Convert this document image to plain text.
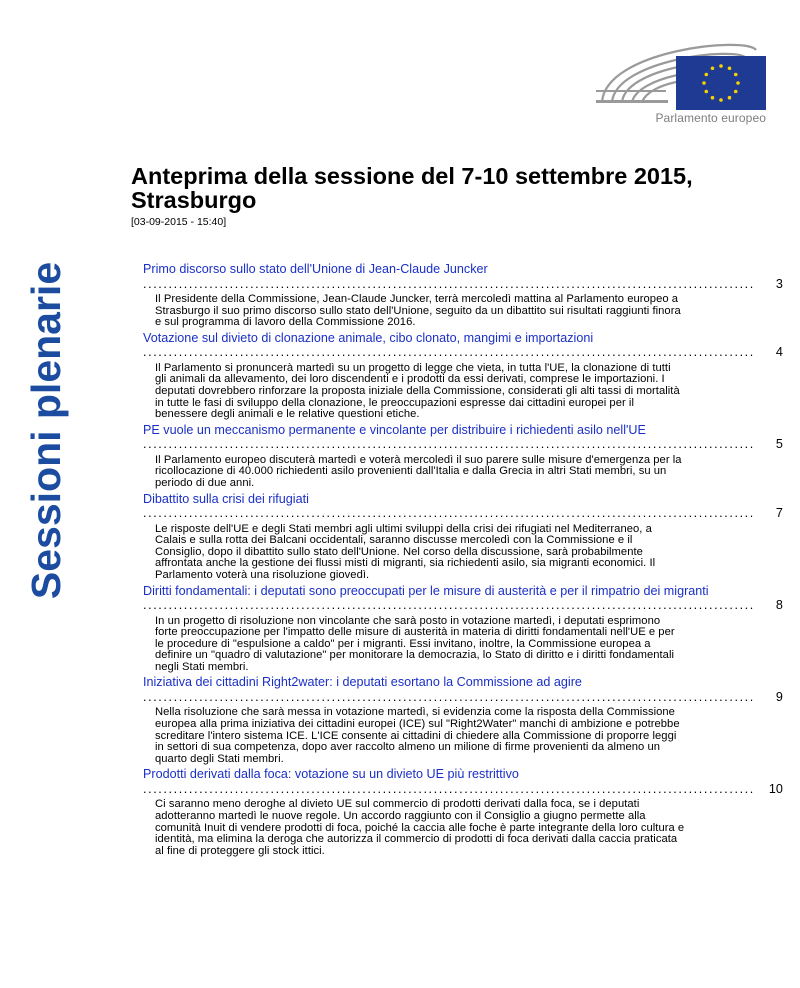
Parlamento europeo
Sessioni plenarie
Anteprima della sessione del 7-10 settembre 2015, Strasburgo
[03-09-2015 - 15:40]
Primo discorso sullo stato dell'Unione di Jean-Claude Juncker ........................................................................................................................	3
Il Presidente della Commissione, Jean-Claude Juncker, terrà mercoledì mattina al Parlamento europeo a Strasburgo il suo primo discorso sullo stato dell'Unione, seguito da un dibattito sui risultati raggiunti finora e sul programma di lavoro della Commissione 2016.
Votazione sul divieto di clonazione animale, cibo clonato, mangimi e importazioni ........................................................................................................................	4
Il Parlamento si pronuncerà martedì su un progetto di legge che vieta, in tutta l'UE, la clonazione di tutti gli animali da allevamento, dei loro discendenti e i prodotti da essi derivati, comprese le importazioni. I deputati dovrebbero rinforzare la proposta iniziale della Commissione, considerati gli alti tassi di mortalità in tutte le fasi di sviluppo della clonazione, le preoccupazioni espresse dai cittadini europei per il benessere degli animali e le relative questioni etiche.
PE vuole un meccanismo permanente e vincolante per distribuire i richiedenti asilo nell'UE ........................................................................................................................	5
Il Parlamento europeo discuterà martedì e voterà mercoledì il suo parere sulle misure d'emergenza per la ricollocazione di 40.000 richiedenti asilo provenienti dall'Italia e dalla Grecia in altri Stati membri, su un periodo di due anni.
Dibattito sulla crisi dei rifugiati ........................................................................................................................	7
Le risposte dell'UE e degli Stati membri agli ultimi sviluppi della crisi dei rifugiati nel Mediterraneo, a Calais e sulla rotta dei Balcani occidentali, saranno discusse mercoledì con la Commissione e il Consiglio, dopo il dibattito sullo stato dell'Unione. Nel corso della discussione, sarà probabilmente affrontata anche la gestione dei flussi misti di migranti, sia richiedenti asilo, sia migranti economici. Il Parlamento voterà una risoluzione giovedì.
Diritti fondamentali: i deputati sono preoccupati per le misure di austerità e per il rimpatrio dei migranti ........................................................................................................................	8
In un progetto di risoluzione non vincolante che sarà posto in votazione martedì, i deputati esprimono forte preoccupazione per l'impatto delle misure di austerità in materia di diritti fondamentali nell'UE e per le procedure di "espulsione a caldo" per i migranti. Essi invitano, inoltre, la Commissione europea a definire un "quadro di valutazione" per monitorare la democrazia, lo Stato di diritto e i diritti fondamentali negli Stati membri.
Iniziativa dei cittadini Right2water: i deputati esortano la Commissione ad agire ........................................................................................................................	9
Nella risoluzione che sarà messa in votazione martedì, si evidenzia come la risposta della Commissione europea alla prima iniziativa dei cittadini europei (ICE) sul "Right2Water" manchi di ambizione e potrebbe screditare l'intero sistema ICE. L'ICE consente ai cittadini di chiedere alla Commissione di proporre leggi in settori di sua competenza, dopo aver raccolto almeno un milione di firme provenienti da almeno un quarto degli Stati membri.
Prodotti derivati dalla foca: votazione su un divieto UE più restrittivo ........................................................................................................................	10
Ci saranno meno deroghe al divieto UE sul commercio di prodotti derivati dalla foca, se i deputati adotteranno martedì le nuove regole. Un accordo raggiunto con il Consiglio a giugno permette alla comunità Inuit di vendere prodotti di foca, poiché la caccia alle foche è parte integrante della loro cultura e identità, ma elimina la deroga che autorizza il commercio di prodotti di foca derivati dalla caccia praticata al fine di proteggere gli stock ittici.
